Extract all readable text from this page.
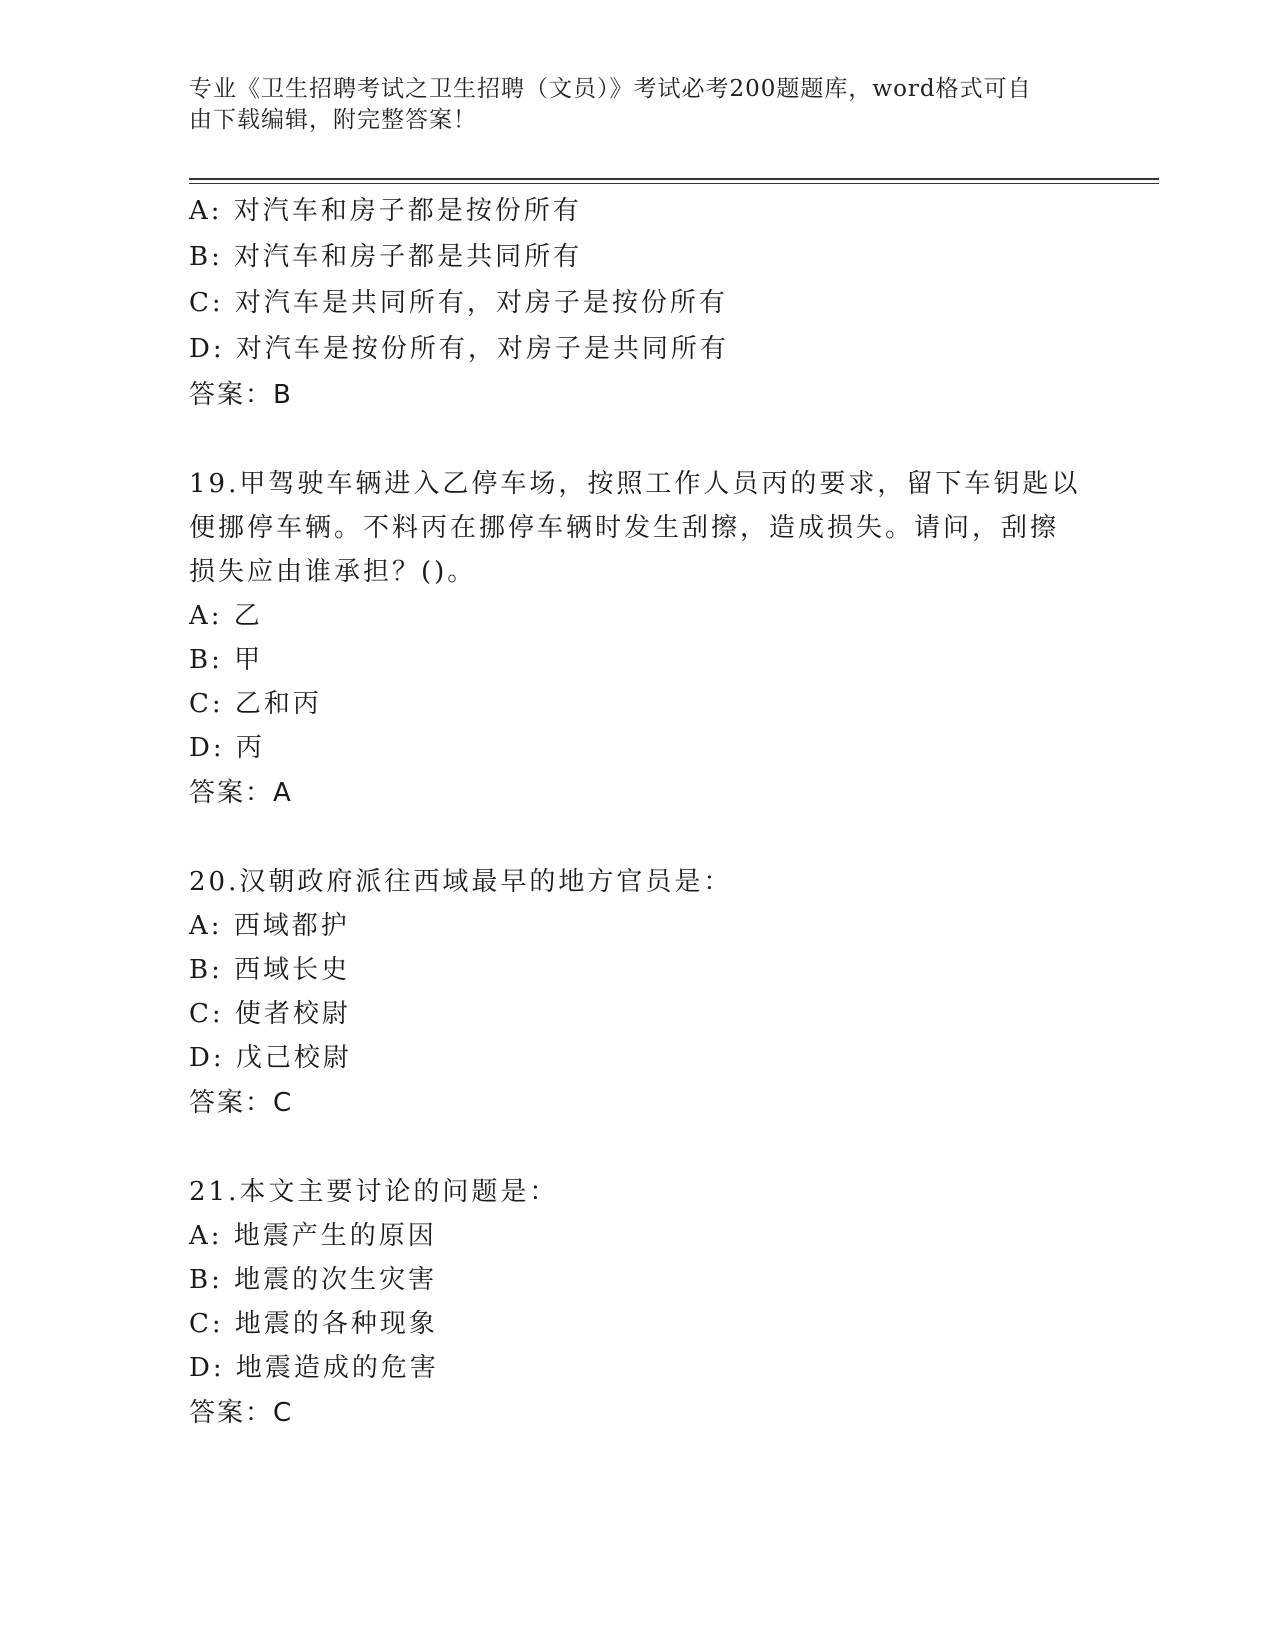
专业《卫生招聘考试之卫生招聘（文员）》考试必考200题题库，word格式可自
由下载编辑，附完整答案！
A: 对汽车和房子都是按份所有
B: 对汽车和房子都是共同所有
C: 对汽车是共同所有，对房子是按份所有
D: 对汽车是按份所有，对房子是共同所有
答案：B
19.甲驾驶车辆进入乙停车场，按照工作人员丙的要求，留下车钥匙以
便挪停车辆。不料丙在挪停车辆时发生刮擦，造成损失。请问，刮擦
损失应由谁承担？()。
A: 乙
B: 甲
C: 乙和丙
D: 丙
答案：A
20.汉朝政府派往西域最早的地方官员是：
A: 西域都护
B: 西域长史
C: 使者校尉
D: 戊己校尉
答案：C
21.本文主要讨论的问题是：
A: 地震产生的原因
B: 地震的次生灾害
C: 地震的各种现象
D: 地震造成的危害
答案：C
